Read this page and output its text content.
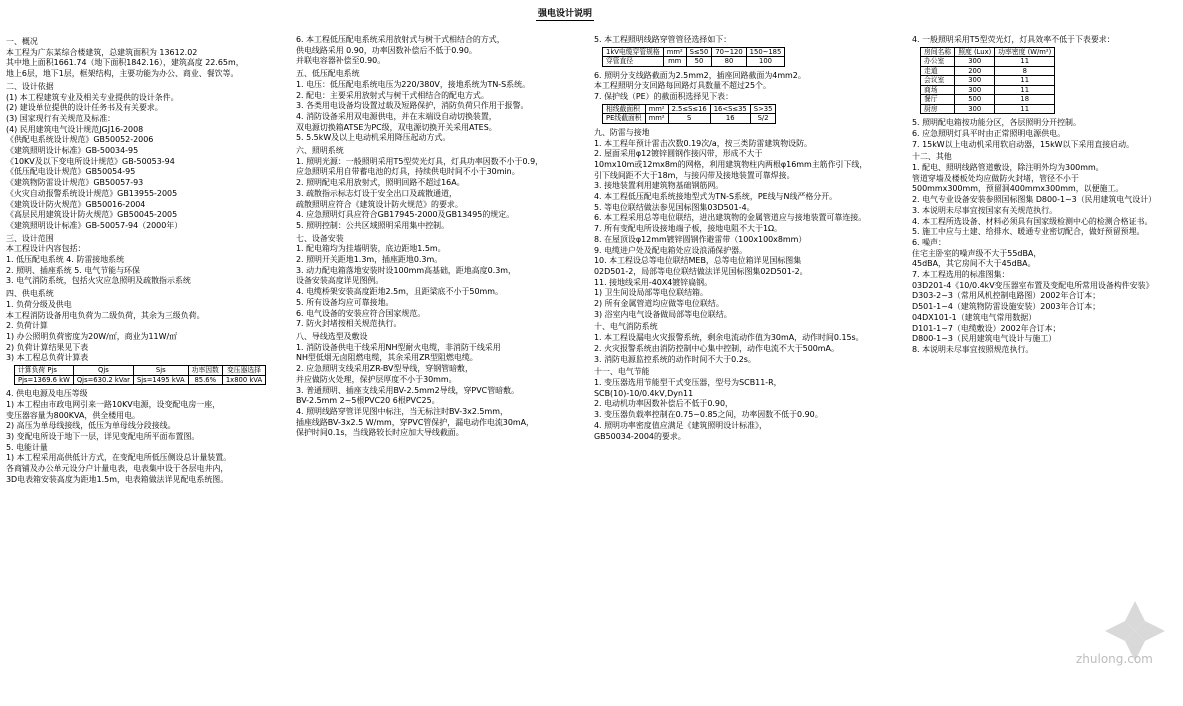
强电设计说明
一、概况
本工程为广东某综合楼建筑，总建筑面积为 13612.02
其中地上面积1661.74（地下面积1842.16），建筑高度 22.65m，
地上6层，地下1层，框架结构，主要功能为办公、商业、餐饮等。
二、设计依据
(1) 本工程建筑专业及相关专业提供的设计条件。
(2) 建设单位提供的设计任务书及有关要求。
(3) 国家现行有关规范及标准：
(4) 民用建筑电气设计规范JGJ16-2008
《供配电系统设计规范》GB50052-2006
《建筑照明设计标准》GB-50034-95
《10KV及以下变电所设计规范》GB-50053-94
《低压配电设计规范》GB50054-95
《建筑物防雷设计规范》GB50057-93
《火灾自动报警系统设计规范》GB13955-2005
《建筑设计防火规范》GB50016-2004
《高层民用建筑设计防火规范》GB50045-2005
《建筑照明设计标准》GB-50057-94（2000年）
三、设计范围
本工程设计内容包括：
1. 低压配电系统 4. 防雷接地系统
2. 照明、插座系统 5. 电气节能与环保
3. 电气消防系统，包括火灾应急照明及疏散指示系统
四、供电系统
1. 负荷分级及供电
本工程消防设备用电负荷为二级负荷，其余为三级负荷。
2. 负荷计算
1) 办公照明负荷密度为20W/㎡，商业为11W/㎡
2) 负荷计算结果见下表
3) 本工程总负荷计算表
计算负荷 Pjs	Qjs	Sjs	功率因数	变压器选择
Pjs=1369.6 kW	Qjs=630.2 kVar	Sjs=1495 kVA	85.6%	1x800 kVA
4. 供电电源及电压等级
1) 本工程由市政电网引来一路10KV电源，设变配电房一座，
变压器容量为800KVA，供全楼用电。
2) 高压为单母线接线，低压为单母线分段接线。
3) 变配电所设于地下一层，详见变配电所平面布置图。
5. 电能计量
1) 本工程采用高供低计方式，在变配电所低压侧设总计量装置。
各商铺及办公单元设分户计量电表，电表集中设于各层电井内，
3D电表箱安装高度为距地1.5m，电表箱做法详见配电系统图。
6. 本工程低压配电系统采用放射式与树干式相结合的方式，
供电线路采用 0.90，功率因数补偿后不低于0.90。
并联电容器补偿至0.90。
五、低压配电系统
1. 电压：低压配电系统电压为220/380V，接地系统为TN-S系统。
2. 配电：主要采用放射式与树干式相结合的配电方式。
3. 各类用电设备均设置过载及短路保护，消防负荷只作用于报警。
4. 消防设备采用双电源供电，并在末端设自动切换装置，
双电源切换箱ATSE为PC级，双电源切换开关采用ATES。
5. 5.5kW及以上电动机采用降压起动方式。
六、照明系统
1. 照明光源：一般照明采用T5型荧光灯具，灯具功率因数不小于0.9，
应急照明采用自带蓄电池的灯具，持续供电时间不小于30min。
2. 照明配电采用放射式，照明回路不超过16A。
3. 疏散指示标志灯设于安全出口及疏散通道，
疏散照明应符合《建筑设计防火规范》的要求。
4. 应急照明灯具应符合GB17945-2000及GB13495的规定。
5. 照明控制：公共区域照明采用集中控制。
七、设备安装
1. 配电箱均为挂墙明装，底边距地1.5m。
2. 照明开关距地1.3m，插座距地0.3m。
3. 动力配电箱落地安装时设100mm高基础，距地高度0.3m，
设备安装高度详见图例。
4. 电缆桥架安装高度距地2.5m，且距梁底不小于50mm。
5. 所有设备均应可靠接地。
6. 电气设备的安装应符合国家规范。
7. 防火封堵按相关规范执行。
八、导线选型及敷设
1. 消防设备供电干线采用NH型耐火电缆，非消防干线采用
NH型低烟无卤阻燃电缆，其余采用ZR型阻燃电缆。
2. 应急照明支线采用ZR-BV型导线，穿钢管暗敷，
并应做防火处理，保护层厚度不小于30mm。
3. 普通照明、插座支线采用BV-2.5mm2导线，穿PVC管暗敷。
BV-2.5mm 2~5根PVC20 6根PVC25。
4. 照明线路穿管详见图中标注，当无标注时BV-3x2.5mm，
插座线路BV-3x2.5 W/mm，穿PVC管保护，漏电动作电流30mA，
保护时间0.1s，当线路较长时应加大导线截面。
5. 本工程照明线路穿管管径选择如下：
1kV电缆穿管规格	mm²	S≤50	70~120	150~185
穿管直径	mm	50	80	100
6. 照明分支线路截面为2.5mm2，插座回路截面为4mm2。
本工程照明分支回路每回路灯具数量不超过25个。
7. 保护线（PE）的截面积选择见下表：
相线截面积	mm²	2.5≤S≤16	16<S≤35	S>35
PE线截面积	mm²	S	16	S/2
九、防雷与接地
1. 本工程年预计雷击次数0.19次/a，按三类防雷建筑物设防。
2. 屋面采用φ12镀锌圆钢作接闪带，形成不大于
10mx10m或12mx8m的网格，利用建筑物柱内两根φ16mm主筋作引下线，
引下线间距不大于18m，与接闪带及接地装置可靠焊接。
3. 接地装置利用建筑物基础钢筋网。
4. 本工程低压配电系统接地型式为TN-S系统，PE线与N线严格分开。
5. 等电位联结做法参见国标图集03D501-4。
6. 本工程采用总等电位联结，进出建筑物的金属管道应与接地装置可靠连接。
7. 所有变配电所设接地端子板，接地电阻不大于1Ω。
8. 在屋顶设φ12mm镀锌圆钢作避雷带（100x100x8mm）
9. 电缆进户处及配电箱处应设浪涌保护器。
10. 本工程设总等电位联结MEB，总等电位箱详见国标图集
02D501-2，局部等电位联结做法详见国标图集02D501-2。
11. 接地线采用-40X4镀锌扁钢。
1) 卫生间设局部等电位联结箱。
2) 所有金属管道均应做等电位联结。
3) 浴室内电气设备做局部等电位联结。
十、电气消防系统
1. 本工程设漏电火灾报警系统，剩余电流动作值为30mA，动作时间0.15s。
2. 火灾报警系统由消防控制中心集中控制，动作电流不大于500mA。
3. 消防电源监控系统的动作时间不大于0.2s。
十一、电气节能
1. 变压器选用节能型干式变压器，型号为SCB11-R，
SCB(10)-10/0.4kV,Dyn11
2. 电动机功率因数补偿后不低于0.90，
3. 变压器负载率控制在0.75~0.85之间，功率因数不低于0.90。
4. 照明功率密度值应满足《建筑照明设计标准》，
GB50034-2004的要求。
4. 一般照明采用T5型荧光灯，灯具效率不低于下表要求：
房间名称	照度 (Lux)	功率密度 (W/m²)
办公室	300	11
走道	200	8
会议室	300	11
商场	300	11
餐厅	500	18
厨房	300	11
5. 照明配电箱按功能分区，各层照明分开控制。
6. 应急照明灯具平时由正常照明电源供电。
7. 15kW以上电动机采用软启动器，15kW以下采用直接启动。
十二、其他
1. 配电、照明线路管道敷设，除注明外均为300mm。
管道穿墙及楼板处均应做防火封堵，管径不小于
500mmx300mm，预留洞400mmx300mm，以便施工。
2. 电气专业设备安装参照国标图集 D800-1~3（民用建筑电气设计）
3. 本说明未尽事宜按国家有关规范执行。
4. 本工程所选设备、材料必须具有国家级检测中心的检测合格证书。
5. 施工中应与土建、给排水、暖通专业密切配合，做好预留预埋。
6. 噪声：
住宅主卧室的噪声级不大于55dBA，
45dBA，其它房间不大于45dBA。
7. 本工程选用的标准图集：
03D201-4《10/0.4kV变压器室布置及变配电所常用设备构件安装》
D303-2~3（常用风机控制电路图）2002年合订本；
D501-1~4（建筑物防雷设施安装）2003年合订本；
04DX101-1（建筑电气常用数据）
D101-1~7（电缆敷设）2002年合订本；
D800-1~3（民用建筑电气设计与施工）
8. 本说明未尽事宜按照规范执行。
zhulong.com
